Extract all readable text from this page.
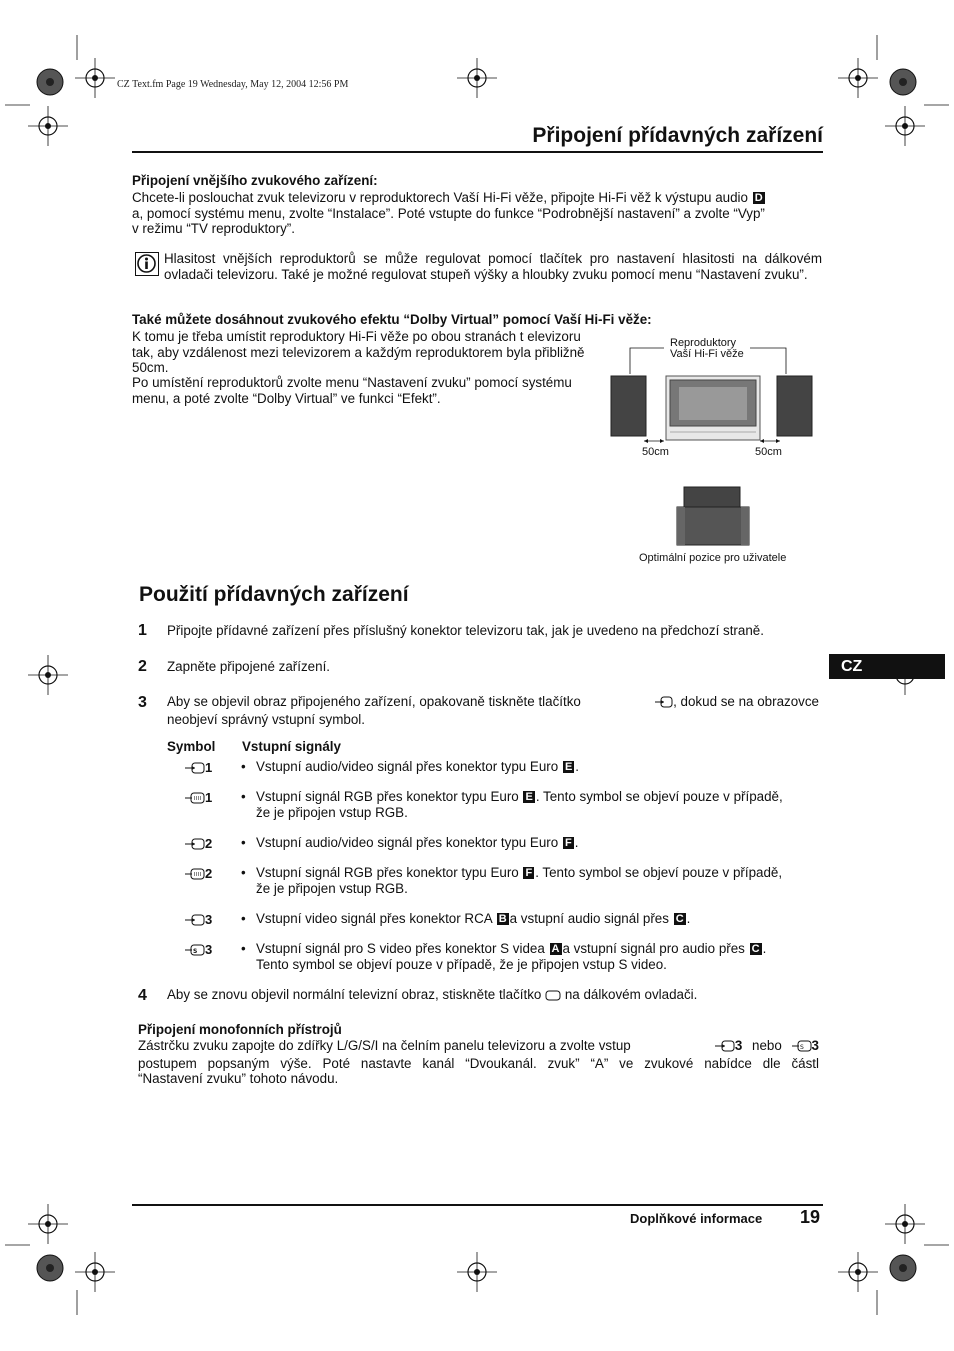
CZ Text.fm Page 19 Wednesday, May 12, 2004 12:56 PM
Připojení přídavných zařízení
Připojení vnějšího zvukového zařízení:
Chcete-li poslouchat zvuk televizoru v reproduktorech Vaší Hi-Fi věže, připojte Hi-Fi věž k výstupu audio D
a, pomocí systému menu, zvolte “Instalace”. Poté vstupte do funkce “Podrobnější nastavení” a zvolte “Vyp”
v režimu “TV reproduktory”.
Hlasitost vnějších reproduktorů se může regulovat pomocí tlačítek pro nastavení hlasitosti na dálkovém ovladači televizoru. Také je možné regulovat stupeň výšky a hloubky zvuku pomocí menu “Nastavení zvuku”.
Také můžete dosáhnout zvukového efektu “Dolby Virtual” pomocí Vaší Hi-Fi věže:
K tomu je třeba umístit reproduktory Hi-Fi věže po obou stranách t elevizoru tak, aby vzdálenost mezi televizorem a každým reproduktorem byla přibližně 50cm.
Po umístění reproduktorů zvolte menu “Nastavení zvuku” pomocí systému menu, a poté zvolte “Dolby Virtual” ve funkci “Efekt”.
Reproduktory
Vaší Hi-Fi věže
50cm	50cm
Optimální pozice pro uživatele
Použití přídavných zařízení
CZ
1 Připojte přídavné zařízení přes příslušný konektor televizoru tak, jak je uvedeno na předchozí straně.
2 Zapněte připojené zařízení.
3 Aby se objevil obraz připojeného zařízení, opakovaně tiskněte tlačítko	, dokud se na obrazovce
neobjeví správný vstupní symbol.
Symbol Vstupní signály
1 • Vstupní audio/video signál přes konektor typu Euro E .
1 • Vstupní signál RGB přes konektor typu Euro E . Tento symbol se objeví pouze v případě,
že je připojen vstup RGB.
2 • Vstupní audio/video signál přes konektor typu Euro F .
2 • Vstupní signál RGB přes konektor typu Euro F . Tento symbol se objeví pouze v případě,
že je připojen vstup RGB.
3 • Vstupní video signál přes konektor RCA B a vstupní audio signál přes C .
S 3 • Vstupní signál pro S video přes konektor S videa A a vstupní signál pro audio přes C .
Tento symbol se objeví pouze v případě, že je připojen vstup S video.
4 Aby se znovu objevil normální televizní obraz, stiskněte tlačítko na dálkovém ovladači.
Připojení monofonních přístrojů
Zástrčku zvuku zapojte do zdířky L/G/S/I na čelním panelu televizoru a zvolte vstup	3 nebo	S 3
postupem popsaným výše. Poté nastavte kanál “Dvoukanál. zvuk” “A” ve zvukové nabídce dle částl
“Nastavení zvuku” tohoto návodu.
Doplňkové informace 19
